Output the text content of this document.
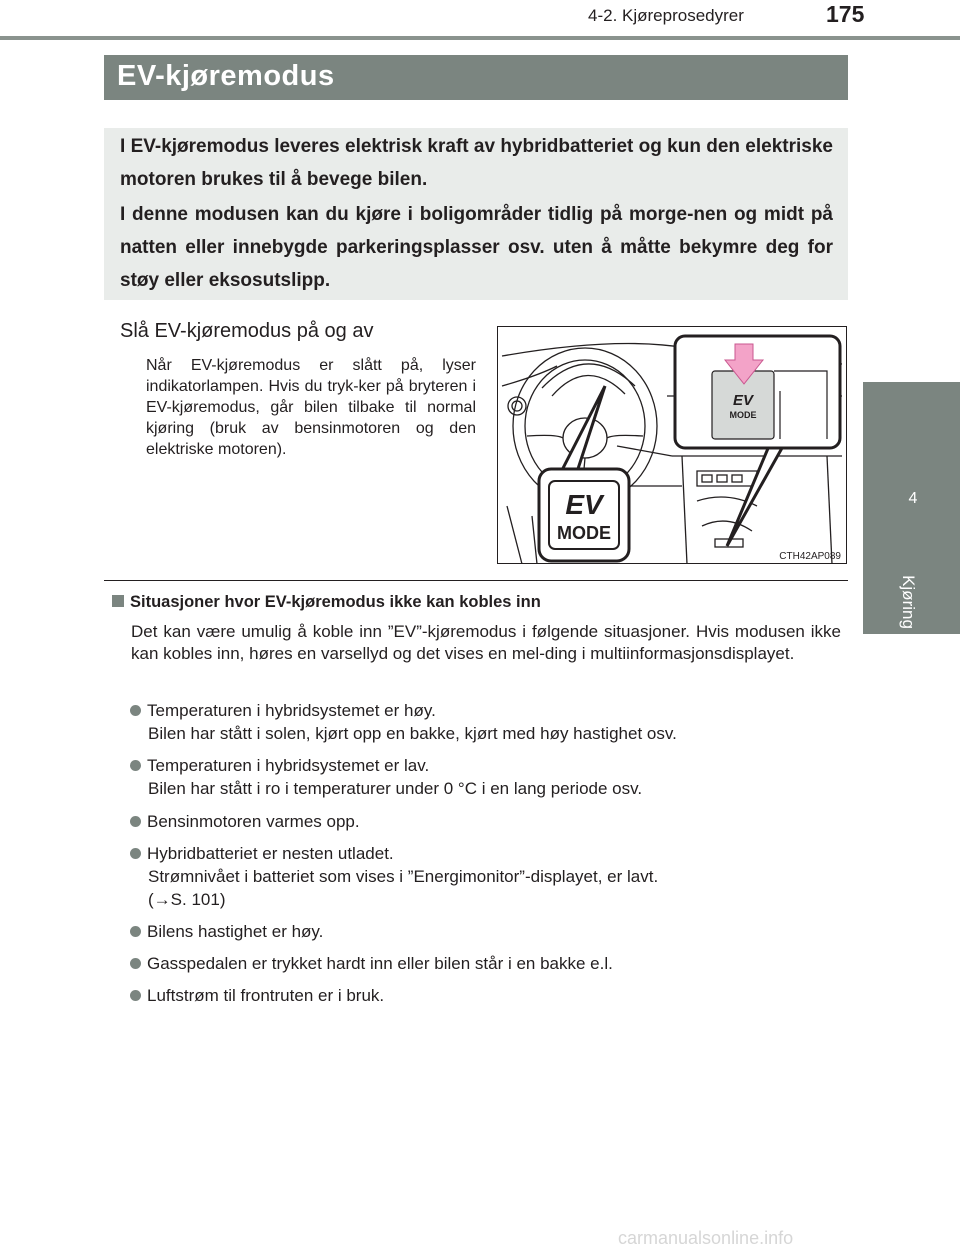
4-2. Kjøreprosedyrer	175
4
Kjøring
EV-kjøremodus

I EV-kjøremodus leveres elektrisk kraft av hybridbatteriet og kun den elektriske motoren brukes til å bevege bilen.

I denne modusen kan du kjøre i boligområder tidlig på morge-nen og midt på natten eller innebygde parkeringsplasser osv. uten å måtte bekymre deg for støy eller eksosutslipp.

Slå EV-kjøremodus på og av

Når EV-kjøremodus er slått på, lyser indikatorlampen. Hvis du tryk-ker på bryteren i EV-kjøremodus, går bilen tilbake til normal kjøring (bruk av bensinmotoren og den elektriske motoren).

EV
MODE
EV
MODE
CTH42AP089
Situasjoner hvor EV-kjøremodus ikke kan kobles inn

Det kan være umulig å koble inn ”EV”-kjøremodus i følgende situasjoner. Hvis modusen ikke kan kobles inn, høres en varsellyd og det vises en mel-ding i multiinformasjonsdisplayet.

Temperaturen i hybridsystemet er høy.
Bilen har stått i solen, kjørt opp en bakke, kjørt med høy hastighet osv.
Temperaturen i hybridsystemet er lav.
Bilen har stått i ro i temperaturer under 0 °C i en lang periode osv.
Bensinmotoren varmes opp.
Hybridbatteriet er nesten utladet.
Strømnivået i batteriet som vises i ”Energimonitor”-displayet, er lavt.
(→S. 101)
Bilens hastighet er høy.
Gasspedalen er trykket hardt inn eller bilen står i en bakke e.l.
Luftstrøm til frontruten er i bruk.
carmanualsonline.info
